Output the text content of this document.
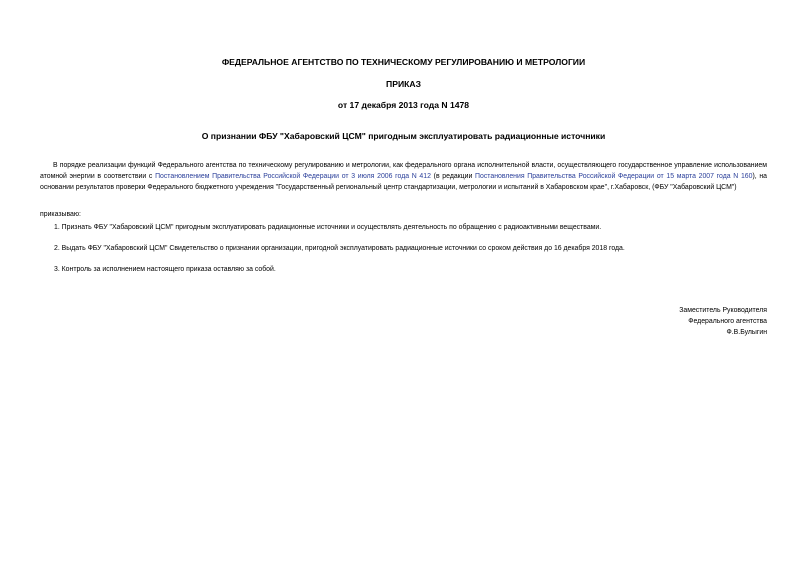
ФЕДЕРАЛЬНОЕ АГЕНТСТВО ПО ТЕХНИЧЕСКОМУ РЕГУЛИРОВАНИЮ И МЕТРОЛОГИИ
ПРИКАЗ
от 17 декабря 2013 года N 1478
О признании ФБУ "Хабаровский ЦСМ" пригодным эксплуатировать радиационные источники
В порядке реализации функций Федерального агентства по техническому регулированию и метрологии, как федерального органа исполнительной власти, осуществляющего государственное управление использованием атомной энергии в соответствии с Постановлением Правительства Российской Федерации от 3 июля 2006 года N 412 (в редакции Постановления Правительства Российской Федерации от 15 марта 2007 года N 160), на основании результатов проверки Федерального бюджетного учреждения "Государственный региональный центр стандартизации, метрологии и испытаний в Хабаровском крае", г.Хабаровск, (ФБУ "Хабаровский ЦСМ")
приказываю:
1. Признать ФБУ "Хабаровский ЦСМ" пригодным эксплуатировать радиационные источники и осуществлять деятельность по обращению с радиоактивными веществами.
2. Выдать ФБУ "Хабаровский ЦСМ" Свидетельство о признании организации, пригодной эксплуатировать радиационные источники со сроком действия до 16 декабря 2018 года.
3. Контроль за исполнением настоящего приказа оставляю за собой.
Заместитель Руководителя
Федерального агентства
Ф.В.Булыгин
